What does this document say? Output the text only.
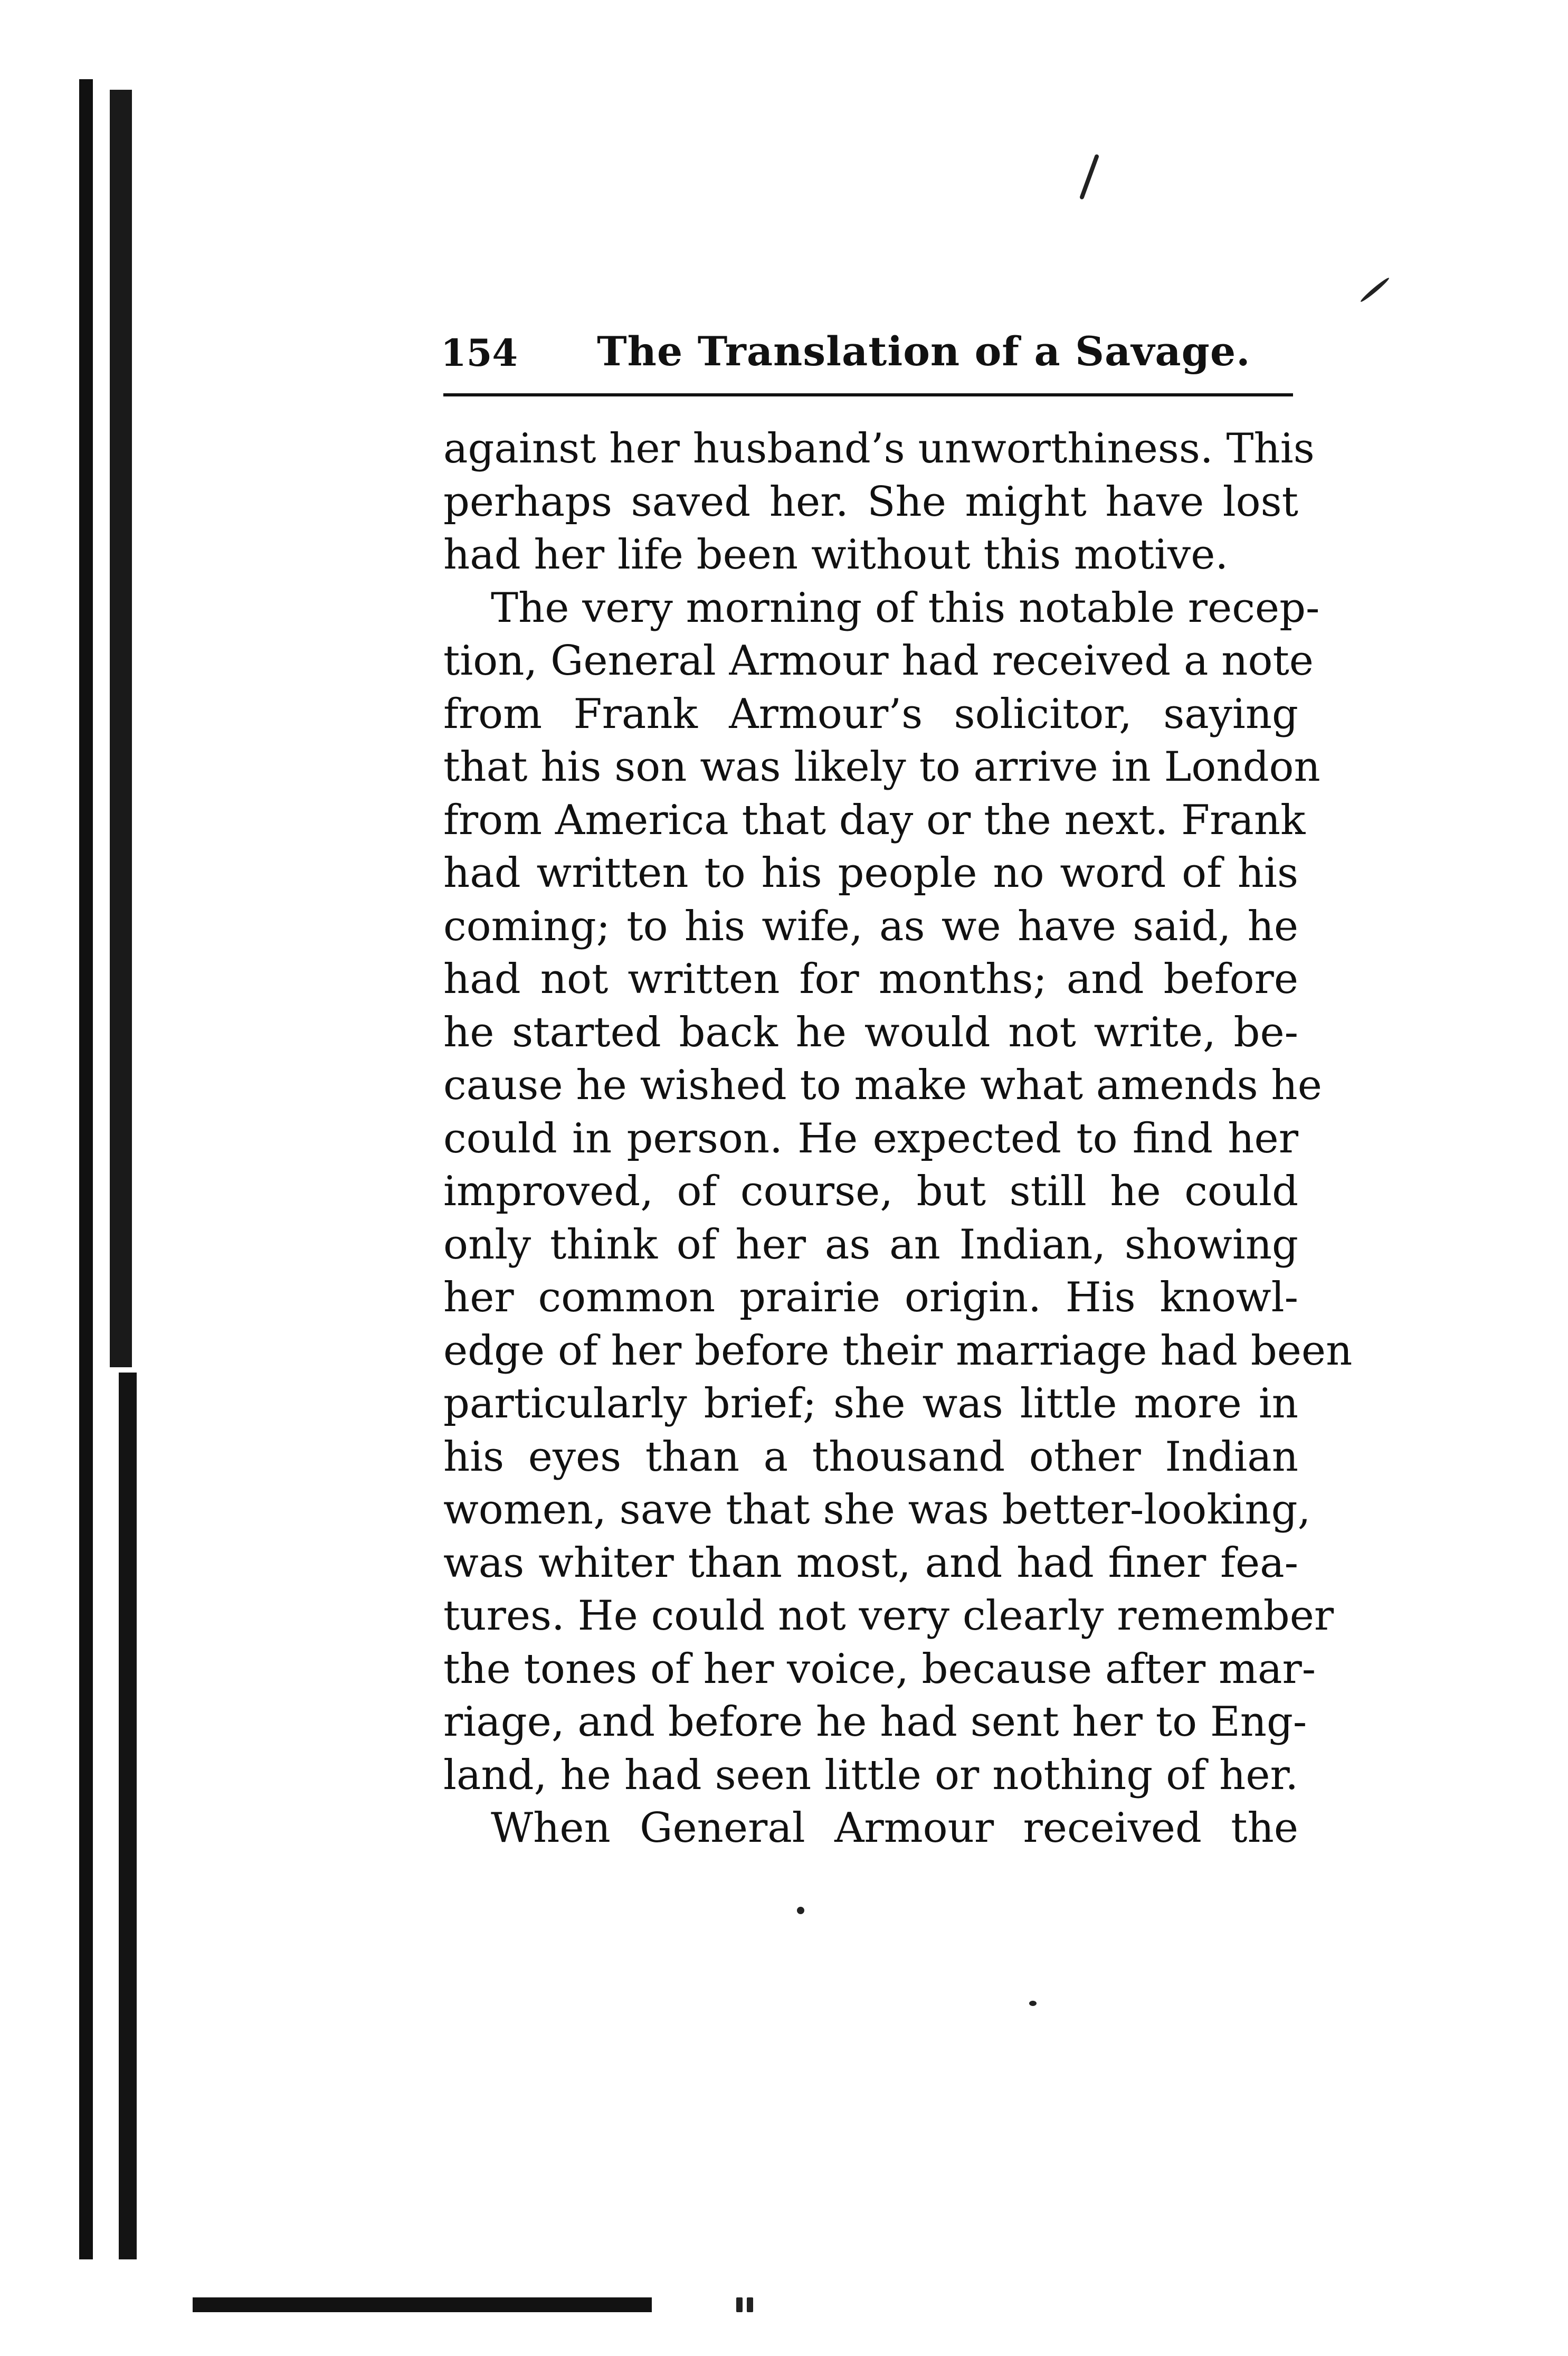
154 The Translation of a Savage.
against her husband’s unworthiness. This
perhaps saved her. She might have lost
had her life been without this motive.
The very morning of this notable recep-
tion, General Armour had received a note
from Frank Armour’s solicitor, saying
that his son was likely to arrive in London
from America that day or the next. Frank
had written to his people no word of his
coming; to his wife, as we have said, he
had not written for months; and before
he started back he would not write, be-
cause he wished to make what amends he
could in person. He expected to find her
improved, of course, but still he could
only think of her as an Indian, showing
her common prairie origin. His knowl-
edge of her before their marriage had been
particularly brief; she was little more in
his eyes than a thousand other Indian
women, save that she was better-looking,
was whiter than most, and had finer fea-
tures. He could not very clearly remember
the tones of her voice, because after mar-
riage, and before he had sent her to Eng-
land, he had seen little or nothing of her.
When General Armour received the
